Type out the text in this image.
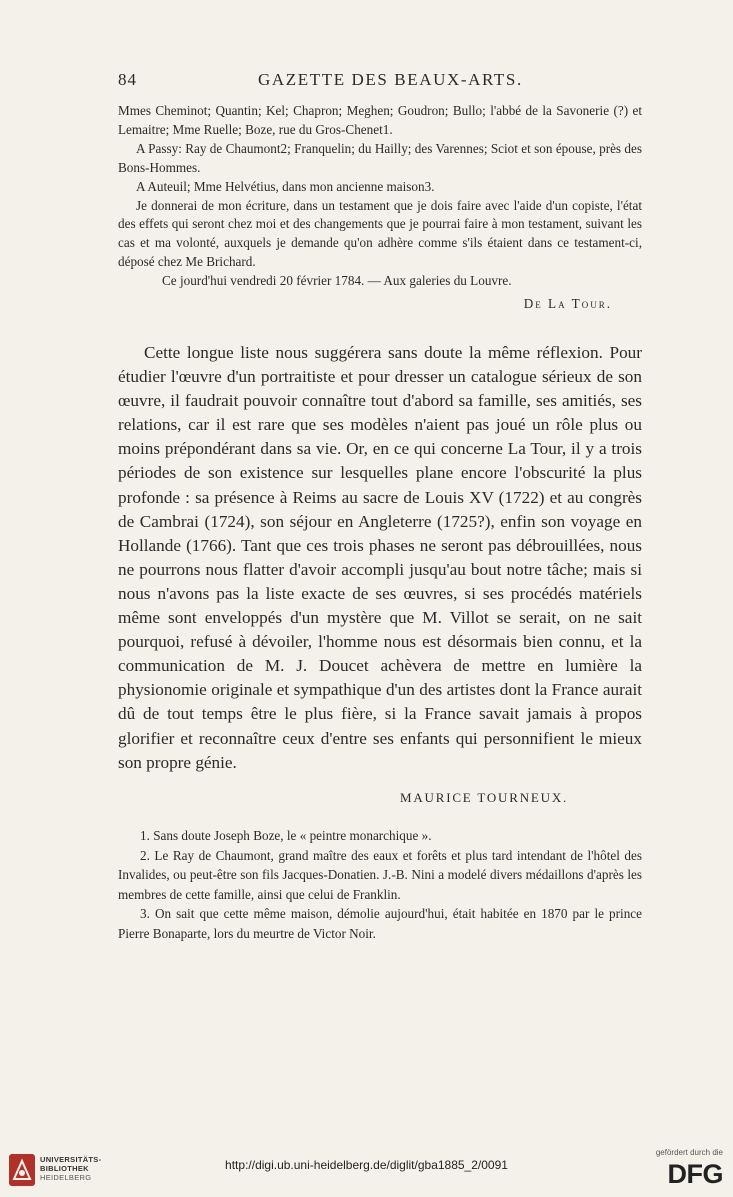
84	GAZETTE DES BEAUX-ARTS.

Mmes Cheminot; Quantin; Kel; Chapron; Meghen; Goudron; Bullo; l'abbé de la Savonerie (?) et Lemaitre; Mme Ruelle; Boze, rue du Gros-Chenet1.

A Passy: Ray de Chaumont2; Franquelin; du Hailly; des Varennes; Sciot et son épouse, près des Bons-Hommes.

A Auteuil; Mme Helvétius, dans mon ancienne maison3.

Je donnerai de mon écriture, dans un testament que je dois faire avec l'aide d'un copiste, l'état des effets qui seront chez moi et des changements que je pourrai faire à mon testament, suivant les cas et ma volonté, auxquels je demande qu'on adhère comme s'ils étaient dans ce testament-ci, déposé chez Me Brichard.

Ce jourd'hui vendredi 20 février 1784. — Aux galeries du Louvre.

De La Tour.

Cette longue liste nous suggérera sans doute la même réflexion. Pour étudier l'œuvre d'un portraitiste et pour dresser un catalogue sérieux de son œuvre, il faudrait pouvoir connaître tout d'abord sa famille, ses amitiés, ses relations, car il est rare que ses modèles n'aient pas joué un rôle plus ou moins prépondérant dans sa vie. Or, en ce qui concerne La Tour, il y a trois périodes de son existence sur lesquelles plane encore l'obscurité la plus profonde : sa présence à Reims au sacre de Louis XV (1722) et au congrès de Cambrai (1724), son séjour en Angleterre (1725?), enfin son voyage en Hollande (1766). Tant que ces trois phases ne seront pas débrouillées, nous ne pourrons nous flatter d'avoir accompli jusqu'au bout notre tâche; mais si nous n'avons pas la liste exacte de ses œuvres, si ses procédés matériels même sont enveloppés d'un mystère que M. Villot se serait, on ne sait pourquoi, refusé à dévoiler, l'homme nous est désormais bien connu, et la communication de M. J. Doucet achèvera de mettre en lumière la physionomie originale et sympathique d'un des artistes dont la France aurait dû de tout temps être le plus fière, si la France savait jamais à propos glorifier et reconnaître ceux d'entre ses enfants qui personnifient le mieux son propre génie.

MAURICE TOURNEUX.

1. Sans doute Joseph Boze, le « peintre monarchique ».

2. Le Ray de Chaumont, grand maître des eaux et forêts et plus tard intendant de l'hôtel des Invalides, ou peut-être son fils Jacques-Donatien. J.-B. Nini a modelé divers médaillons d'après les membres de cette famille, ainsi que celui de Franklin.

3. On sait que cette même maison, démolie aujourd'hui, était habitée en 1870 par le prince Pierre Bonaparte, lors du meurtre de Victor Noir.

UNIVERSITÄTS-
BIBLIOTHEK
HEIDELBERG
http://digi.ub.uni-heidelberg.de/diglit/gba1885_2/0091
gefördert durch die
DFG
